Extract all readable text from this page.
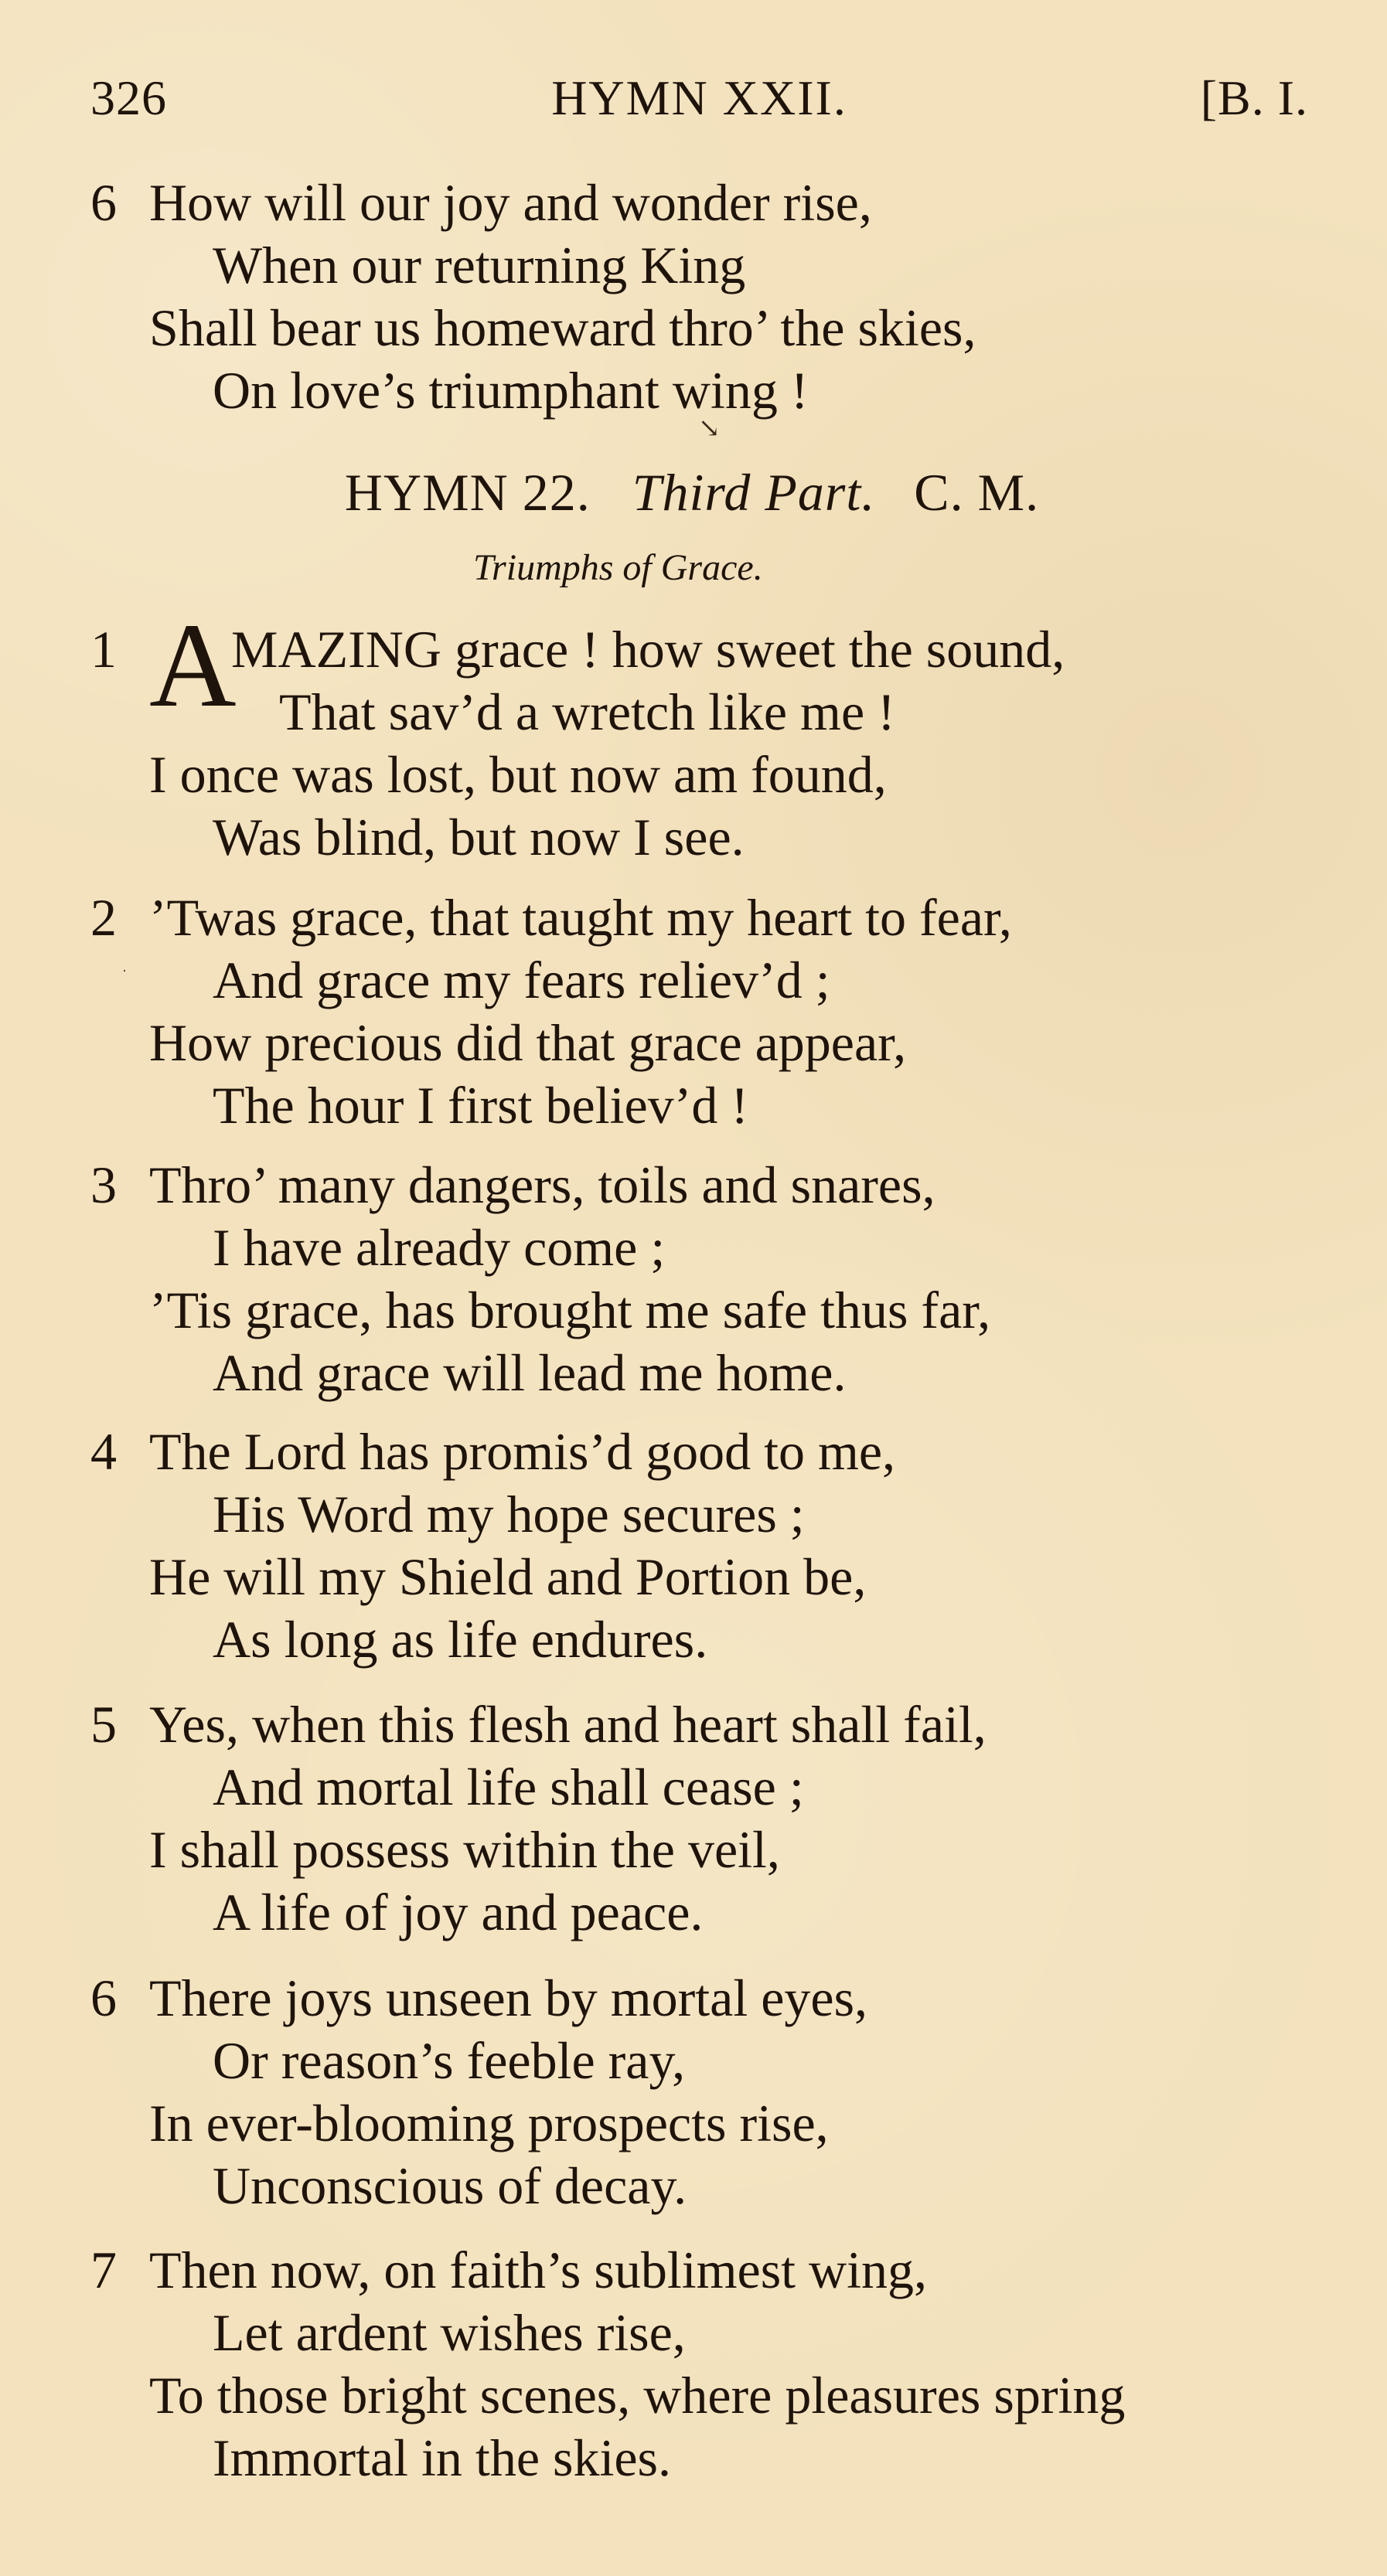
326	HYMN XXII.	[B. I.
6 How will our joy and wonder rise,
When our returning King
Shall bear us homeward thro’ the skies,
On love’s triumphant wing !
HYMN 22. Third Part. C. M.
Triumphs of Grace.
1 A
MAZING grace ! how sweet the sound,
That sav’d a wretch like me !
I once was lost, but now am found,
Was blind, but now I see.
2 ’Twas grace, that taught my heart to fear,
And grace my fears reliev’d ;
How precious did that grace appear,
The hour I first believ’d !
3 Thro’ many dangers, toils and snares,
I have already come ;
’Tis grace, has brought me safe thus far,
And grace will lead me home.
4 The Lord has promis’d good to me,
His Word my hope secures ;
He will my Shield and Portion be,
As long as life endures.
5 Yes, when this flesh and heart shall fail,
And mortal life shall cease ;
I shall possess within the veil,
A life of joy and peace.
6 There joys unseen by mortal eyes,
Or reason’s feeble ray,
In ever-blooming prospects rise,
Unconscious of decay.
7 Then now, on faith’s sublimest wing,
Let ardent wishes rise,
To those bright scenes, where pleasures spring
Immortal in the skies.
↘
·
